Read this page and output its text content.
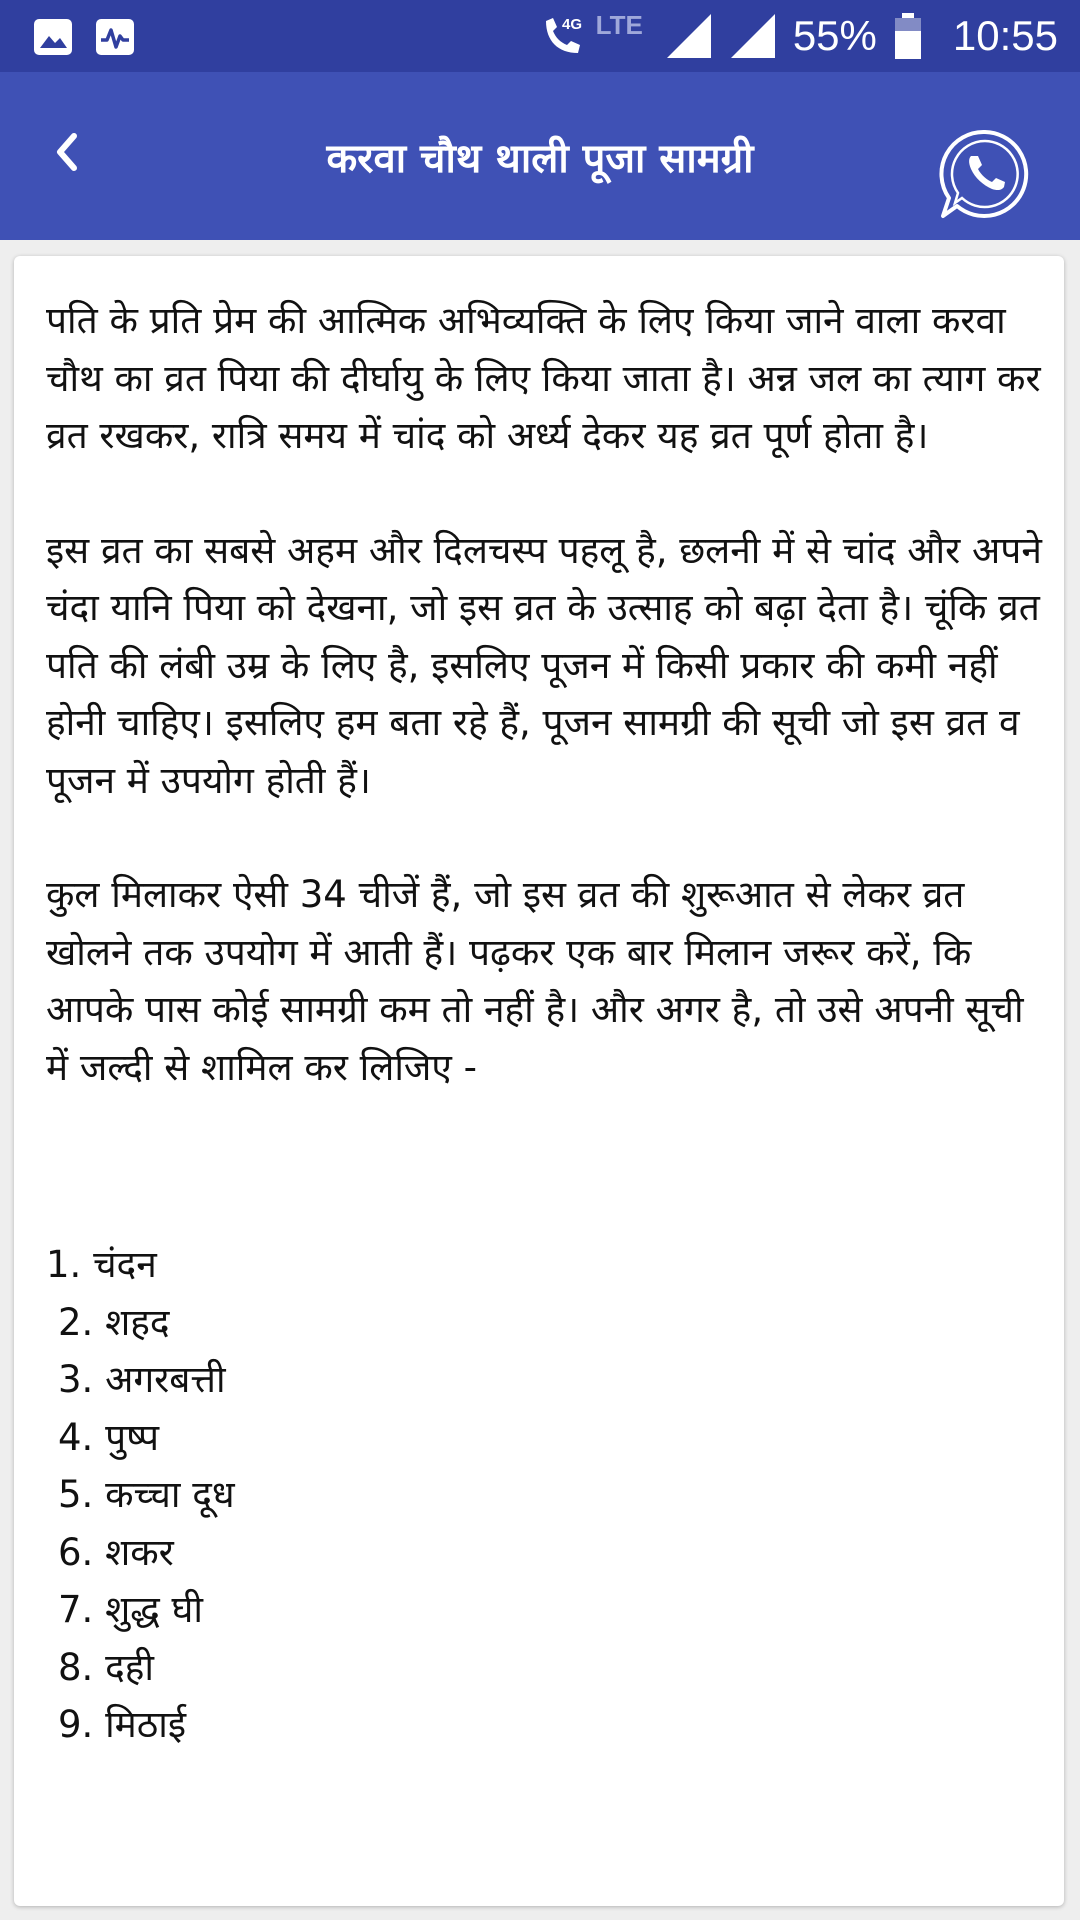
4G LTE	55% 10:55
करवा चौथ थाली पूजा सामग्री

पति के प्रति प्रेम की आत्मिक अभिव्यक्ति के लिए किया जाने वाला करवा चौथ का व्रत पिया की दीर्घायु के लिए किया जाता है। अन्न जल का त्याग कर व्रत रखकर, रात्रि समय में चांद को अर्ध्य देकर यह व्रत पूर्ण होता है।

इस व्रत का सबसे अहम और दिलचस्प पहलू है, छलनी में से चांद और अपने चंदा यानि पिया को देखना, जो इस व्रत के उत्साह को बढ़ा देता है। चूंकि व्रत पति की लंबी उम्र के लिए है, इसलिए पूजन में किसी प्रकार की कमी नहीं होनी चाहिए। इसलिए हम बता रहे हैं, पूजन सामग्री की सूची जो इस व्रत व पूजन में उपयोग होती हैं।

कुल मिलाकर ऐसी 34 चीजें हैं, जो इस व्रत की शुरूआत से लेकर व्रत खोलने तक उपयोग में आती हैं। पढ़कर एक बार मिलान जरूर करें, कि आपके पास कोई सामग्री कम तो नहीं है। और अगर है, तो उसे अपनी सूची में जल्दी से शामिल कर लिजिए -

1. चंदन
2. शहद
3. अगरबत्ती
4. पुष्प
5. कच्चा दूध
6. शकर
7. शुद्ध घी
8. दही
9. मिठाई
